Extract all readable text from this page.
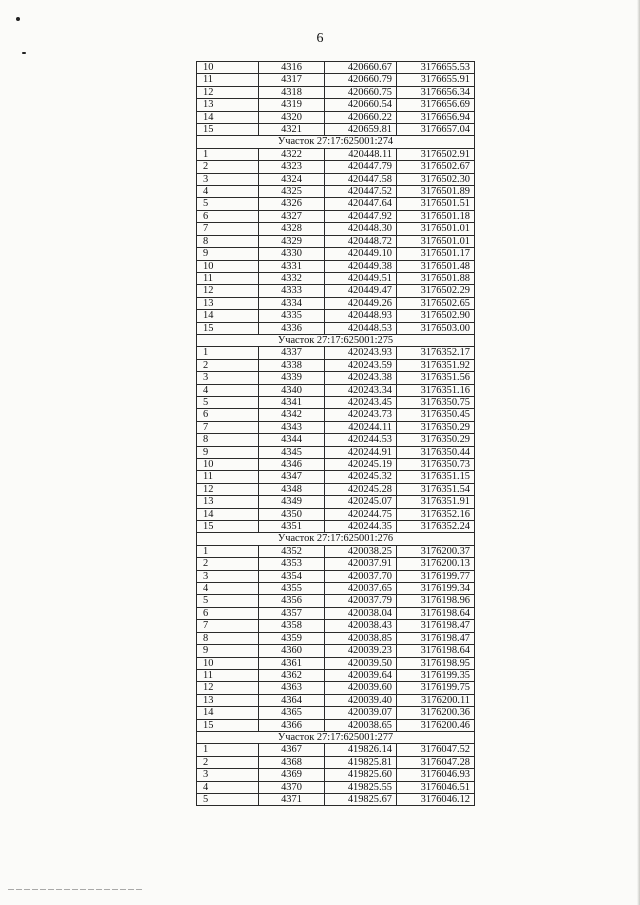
6
10	4316	420660.67	3176655.53
11	4317	420660.79	3176655.91
12	4318	420660.75	3176656.34
13	4319	420660.54	3176656.69
14	4320	420660.22	3176656.94
15	4321	420659.81	3176657.04
Участок 27:17:625001:274			
1	4322	420448.11	3176502.91
2	4323	420447.79	3176502.67
3	4324	420447.58	3176502.30
4	4325	420447.52	3176501.89
5	4326	420447.64	3176501.51
6	4327	420447.92	3176501.18
7	4328	420448.30	3176501.01
8	4329	420448.72	3176501.01
9	4330	420449.10	3176501.17
10	4331	420449.38	3176501.48
11	4332	420449.51	3176501.88
12	4333	420449.47	3176502.29
13	4334	420449.26	3176502.65
14	4335	420448.93	3176502.90
15	4336	420448.53	3176503.00
Участок 27:17:625001:275			
1	4337	420243.93	3176352.17
2	4338	420243.59	3176351.92
3	4339	420243.38	3176351.56
4	4340	420243.34	3176351.16
5	4341	420243.45	3176350.75
6	4342	420243.73	3176350.45
7	4343	420244.11	3176350.29
8	4344	420244.53	3176350.29
9	4345	420244.91	3176350.44
10	4346	420245.19	3176350.73
11	4347	420245.32	3176351.15
12	4348	420245.28	3176351.54
13	4349	420245.07	3176351.91
14	4350	420244.75	3176352.16
15	4351	420244.35	3176352.24
Участок 27:17:625001:276			
1	4352	420038.25	3176200.37
2	4353	420037.91	3176200.13
3	4354	420037.70	3176199.77
4	4355	420037.65	3176199.34
5	4356	420037.79	3176198.96
6	4357	420038.04	3176198.64
7	4358	420038.43	3176198.47
8	4359	420038.85	3176198.47
9	4360	420039.23	3176198.64
10	4361	420039.50	3176198.95
11	4362	420039.64	3176199.35
12	4363	420039.60	3176199.75
13	4364	420039.40	3176200.11
14	4365	420039.07	3176200.36
15	4366	420038.65	3176200.46
Участок 27:17:625001:277			
1	4367	419826.14	3176047.52
2	4368	419825.81	3176047.28
3	4369	419825.60	3176046.93
4	4370	419825.55	3176046.51
5	4371	419825.67	3176046.12
